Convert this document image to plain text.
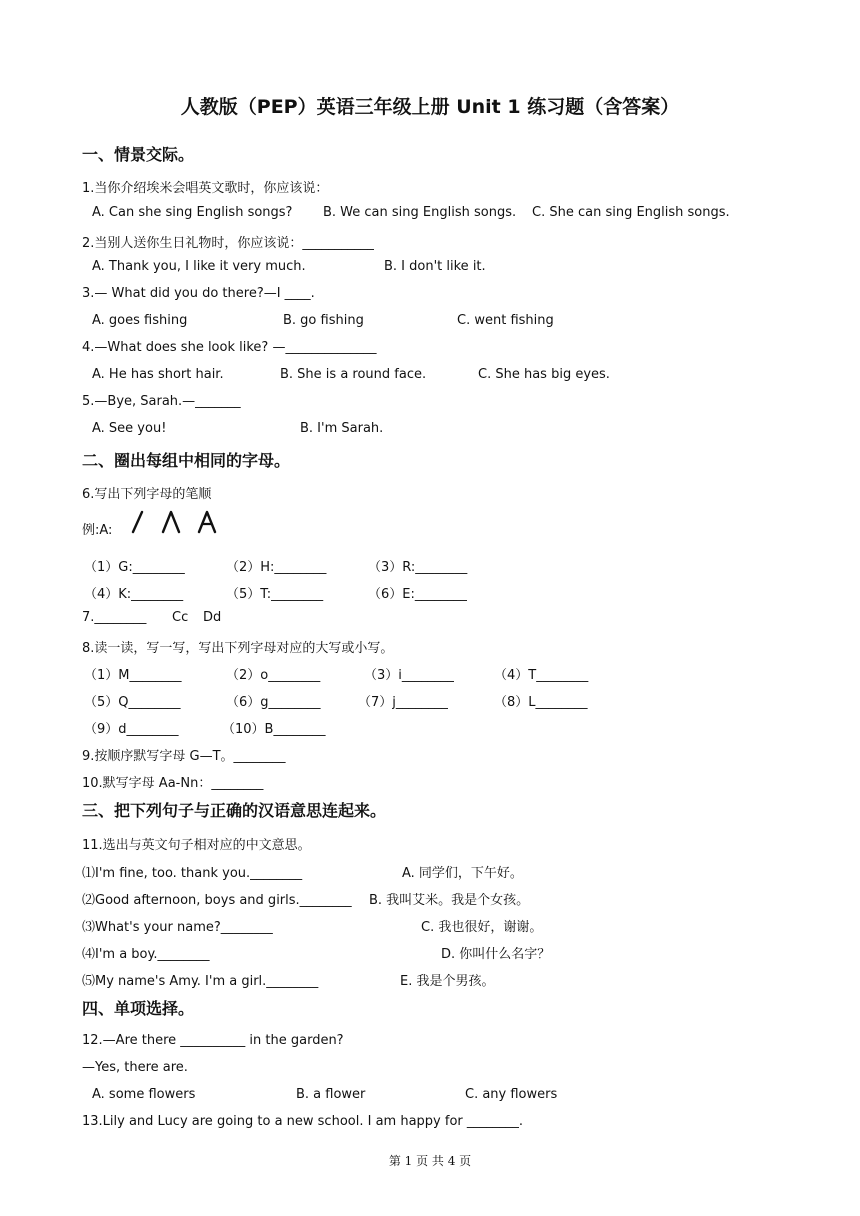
人教版（PEP）英语三年级上册 Unit 1 练习题（含答案）
一、情景交际。
1.当你介绍埃米会唱英文歌时，你应该说：
A. Can she sing English songs? B. We can sing English songs. C. She can sing English songs.
2.当别人送你生日礼物时，你应该说：___________
A. Thank you, I like it very much.	B. I don't like it.
3.— What did you do there?—I ____.
A. goes fishing	B. go fishing	C. went fishing
4.—What does she look like? —______________
A. He has short hair.	B. She is a round face.	C. She has big eyes.
5.—Bye, Sarah.—_______
A. See you!	B. I'm Sarah.
二、圈出每组中相同的字母。
6.写出下列字母的笔顺
例:A:
（1）G:________	（2）H:________	（3）R:________
（4）K:________	（5）T:________	（6）E:________
7.________ Cc Dd
8.读一读，写一写，写出下列字母对应的大写或小写。
（1）M________	（2）o________	（3）i________	（4）T________
（5）Q________	（6）g________	（7）j________	（8）L________
（9）d________	（10）B________
9.按顺序默写字母 G—T。________
10.默写字母 Aa-Nn：________
三、把下列句子与正确的汉语意思连起来。
11.选出与英文句子相对应的中文意思。
⑴I'm fine, too. thank you.________
⑵Good afternoon, boys and girls.________
⑶What's your name?________
⑷I'm a boy.________
⑸My name's Amy. I'm a girl.________
A. 同学们，下午好。
B. 我叫艾米。我是个女孩。
C. 我也很好，谢谢。
D. 你叫什么名字？
E. 我是个男孩。
四、单项选择。
12.—Are there __________ in the garden?
—Yes, there are.
A. some flowers	B. a flower	C. any flowers
13.Lily and Lucy are going to a new school. I am happy for ________.
第 1 页 共 4 页
